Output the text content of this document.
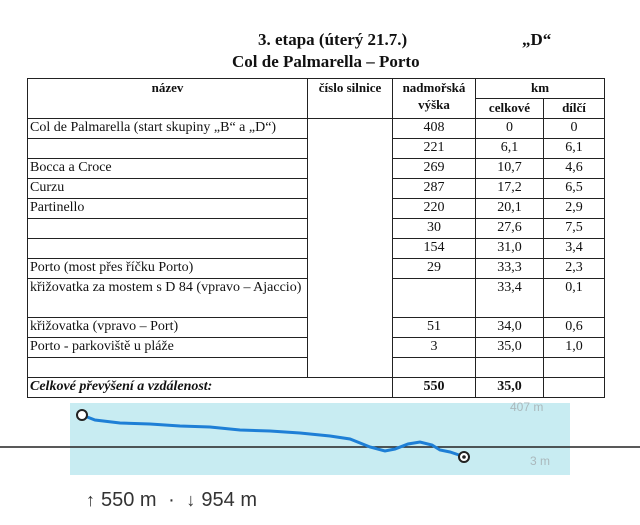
3. etapa (úterý 21.7.)	„D“
Col de Palmarella – Porto
název	číslo silnice	nadmořská výška	km	
			celkové	dílčí
Col de Palmarella (start skupiny „B“ a „D“)		408	0	0
		221	6,1	6,1
Bocca a Croce		269	10,7	4,6
Curzu		287	17,2	6,5
Partinello		220	20,1	2,9
		30	27,6	7,5
		154	31,0	3,4
Porto (most přes říčku Porto)		29	33,3	2,3
křižovatka za mostem s D 84 (vpravo – Ajaccio)			33,4	0,1
křižovatka (vpravo – Port)		51	34,0	0,6
Porto - parkoviště u pláže		3	35,0	1,0

Celkové převýšení a vzdálenost:		550	35,0	
407 m
3 m
↑ 550 m · ↓ 954 m
